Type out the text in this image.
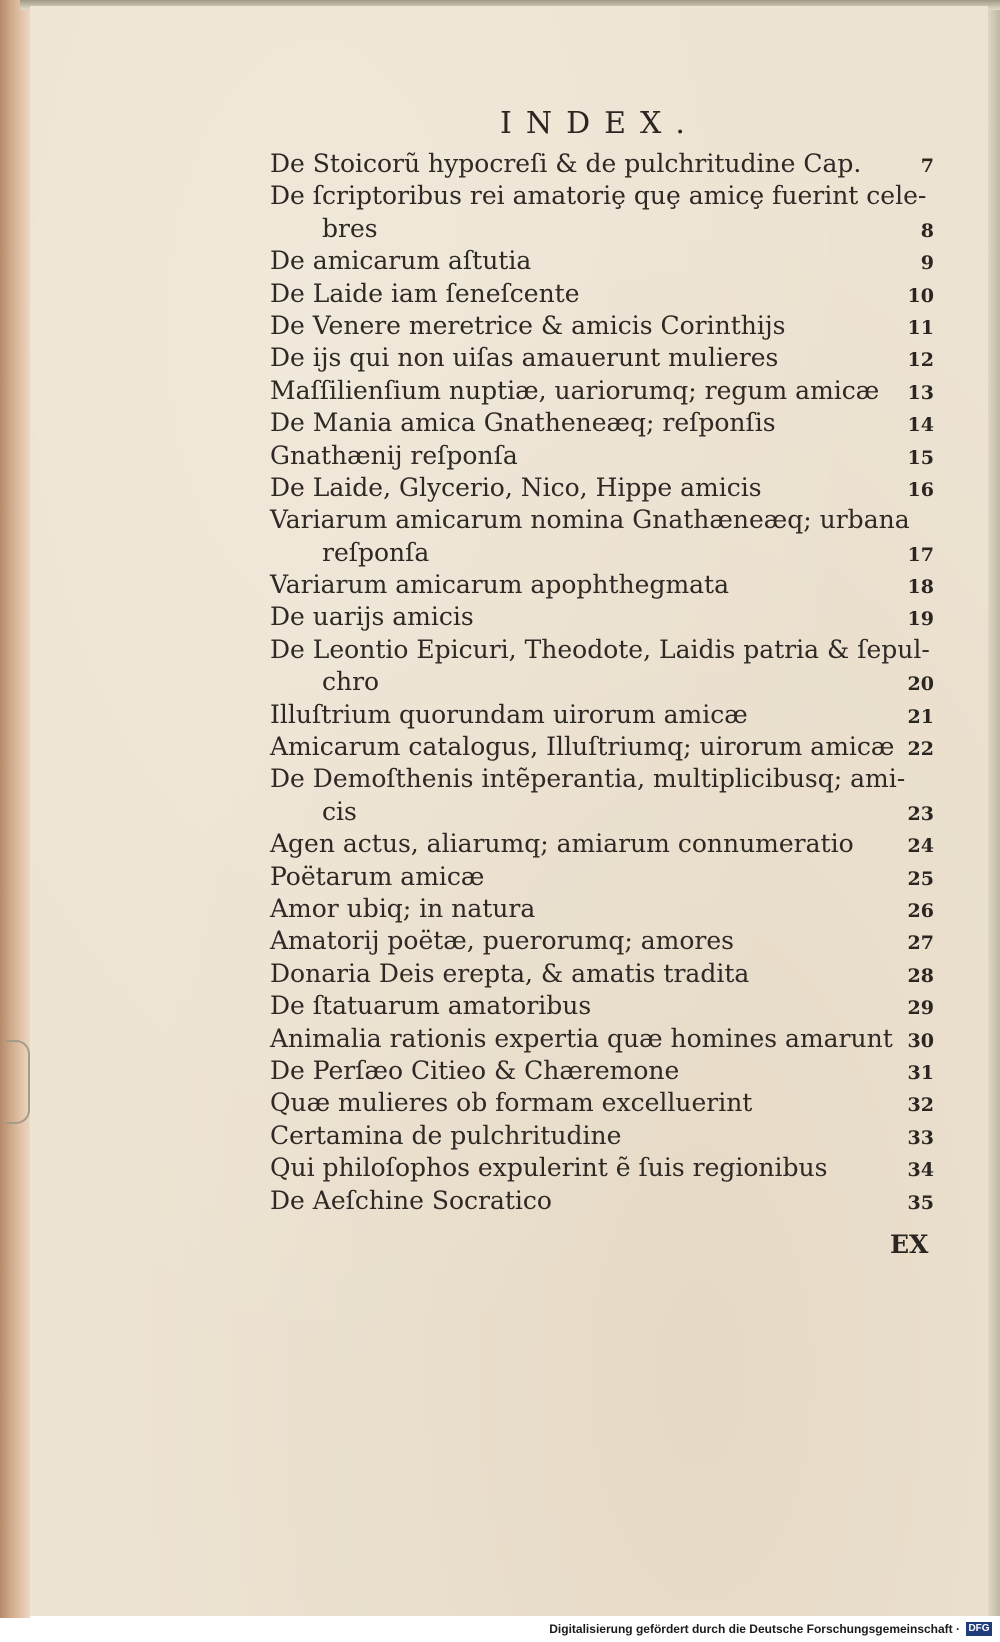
INDEX.
De Stoicorũ hypocreſi & de pulchritudine Cap.	7
De ſcriptoribus rei amatoriȩ quȩ amicȩ fuerint cele-
bres	8
De amicarum aſtutia	9
De Laide iam ſeneſcente	10
De Venere meretrice & amicis Corinthijs	11
De ijs qui non uiſas amauerunt mulieres	12
Maſſilienſium nuptiæ, uariorumq; regum amicæ 13
De Mania amica Gnatheneæq; reſponſis	14
Gnathænij reſponſa	15
De Laide, Glycerio, Nico, Hippe amicis	16
Variarum amicarum nomina Gnathæneæq; urbana
reſponſa	17
Variarum amicarum apophthegmata	18
De uarijs amicis	19
De Leontio Epicuri, Theodote, Laidis patria & ſepul-
chro	20
Illuſtrium quorundam uirorum amicæ	21
Amicarum catalogus, Illuſtriumq; uirorum amicæ 22
De Demoſthenis intẽperantia, multiplicibusq; ami-
cis	23
Agen actus, aliarumq; amiarum connumeratio	24
Poëtarum amicæ	25
Amor ubiq; in natura	26
Amatorij poëtæ, puerorumq; amores	27
Donaria Deis erepta, & amatis tradita	28
De ſtatuarum amatoribus	29
Animalia rationis expertia quæ homines amarunt 30
De Perſæo Citieo & Chæremone	31
Quæ mulieres ob formam excelluerint	32
Certamina de pulchritudine	33
Qui philoſophos expulerint ẽ ſuis regionibus	34
De Aeſchine Socratico	35
EX
Digitalisierung gefördert durch die Deutsche Forschungsgemeinschaft · DFG
